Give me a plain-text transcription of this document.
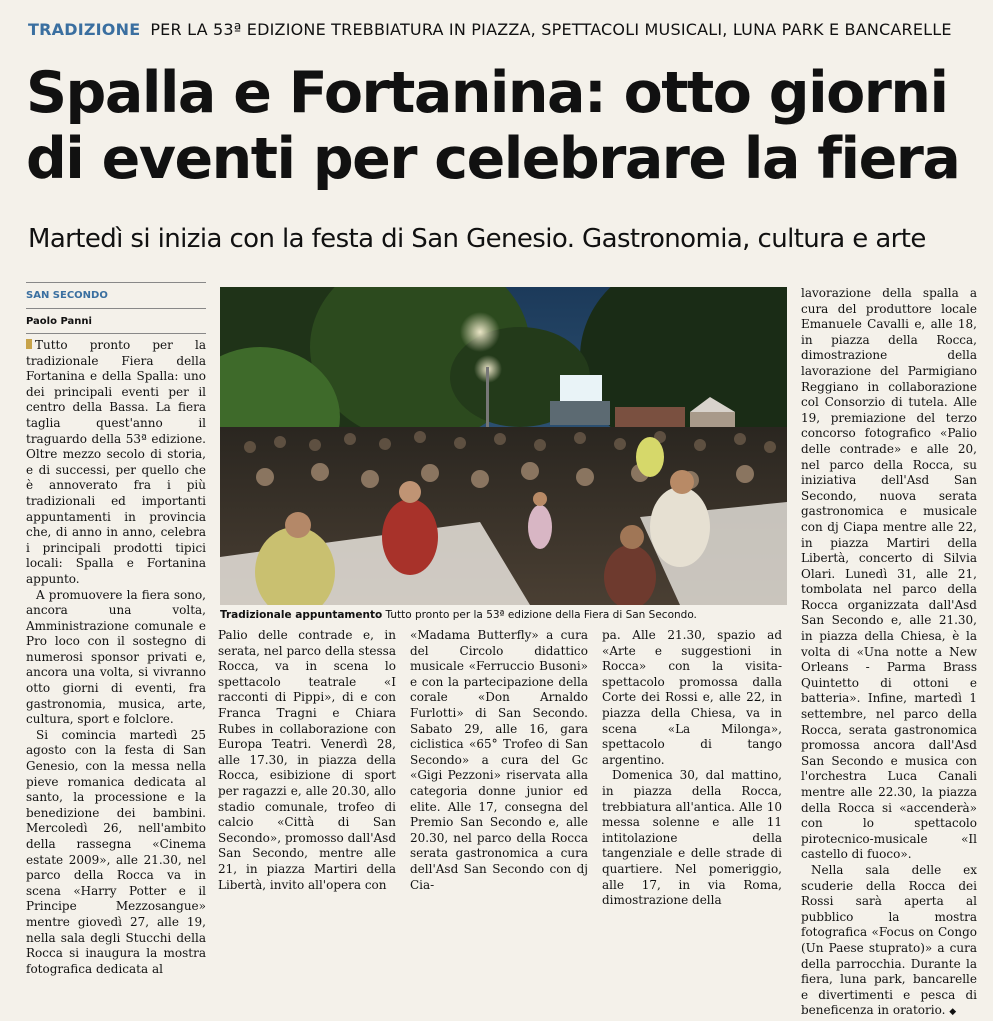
TRADIZIONE PER LA 53ª EDIZIONE TREBBIATURA IN PIAZZA, SPETTACOLI MUSICALI, LUNA PARK E BANCARELLE
Spalla e Fortanina: otto giorni di eventi per celebrare la fiera
Martedì si inizia con la festa di San Genesio. Gastronomia, cultura e arte
SAN SECONDO
Paolo Panni

Tutto pronto per la tradizionale Fiera della Fortanina e della Spalla: uno dei principali eventi per il centro della Bassa. La fiera taglia quest'anno il traguardo della 53ª edizione. Oltre mezzo secolo di storia, e di successi, per quello che è annoverato fra i più tradizionali ed importanti appuntamenti in provincia che, di anno in anno, celebra i principali prodotti tipici locali: Spalla e Fortanina appunto.

A promuovere la fiera sono, ancora una volta, Amministrazione comunale e Pro loco con il sostegno di numerosi sponsor privati e, ancora una volta, si vivranno otto giorni di eventi, fra gastronomia, musica, arte, cultura, sport e folclore.

Si comincia martedì 25 agosto con la festa di San Genesio, con la messa nella pieve romanica dedicata al santo, la processione e la benedizione dei bambini. Mercoledì 26, nell'ambito della rassegna «Cinema estate 2009», alle 21.30, nel parco della Rocca va in scena «Harry Potter e il Principe Mezzosangue» mentre giovedì 27, alle 19, nella sala degli Stucchi della Rocca si inaugura la mostra fotografica dedicata al

Tradizionale appuntamento Tutto pronto per la 53ª edizione della Fiera di San Secondo.

Palio delle contrade e, in serata, nel parco della stessa Rocca, va in scena lo spettacolo teatrale «I racconti di Pippi», di e con Franca Tragni e Chiara Rubes in collaborazione con Europa Teatri. Venerdì 28, alle 17.30, in piazza della Rocca, esibizione di sport per ragazzi e, alle 20.30, allo stadio comunale, trofeo di calcio «Città di San Secondo», promosso dall'Asd San Secondo, mentre alle 21, in piazza Martiri della Libertà, invito all'opera con

«Madama Butterfly» a cura del Circolo didattico musicale «Ferruccio Busoni» e con la partecipazione della corale «Don Arnaldo Furlotti» di San Secondo. Sabato 29, alle 16, gara ciclistica «65° Trofeo di San Secondo» a cura del Gc «Gigi Pezzoni» riservata alla categoria donne junior ed elite. Alle 17, consegna del Premio San Secondo e, alle 20.30, nel parco della Rocca serata gastronomica a cura dell'Asd San Secondo con dj Cia-

pa. Alle 21.30, spazio ad «Arte e suggestioni in Rocca» con la visita-spettacolo promossa dalla Corte dei Rossi e, alle 22, in piazza della Chiesa, va in scena «La Milonga», spettacolo di tango argentino.

Domenica 30, dal mattino, in piazza della Rocca, trebbiatura all'antica. Alle 10 messa solenne e alle 11 intitolazione della tangenziale e delle strade di quartiere. Nel pomeriggio, alle 17, in via Roma, dimostrazione della

lavorazione della spalla a cura del produttore locale Emanuele Cavalli e, alle 18, in piazza della Rocca, dimostrazione della lavorazione del Parmigiano Reggiano in collaborazione col Consorzio di tutela. Alle 19, premiazione del terzo concorso fotografico «Palio delle contrade» e alle 20, nel parco della Rocca, su iniziativa dell'Asd San Secondo, nuova serata gastronomica e musicale con dj Ciapa mentre alle 22, in piazza Martiri della Libertà, concerto di Silvia Olari. Lunedì 31, alle 21, tombolata nel parco della Rocca organizzata dall'Asd San Secondo e, alle 21.30, in piazza della Chiesa, è la volta di «Una notte a New Orleans - Parma Brass Quintetto di ottoni e batteria». Infine, martedì 1 settembre, nel parco della Rocca, serata gastronomica promossa ancora dall'Asd San Secondo e musica con l'orchestra Luca Canali mentre alle 22.30, la piazza della Rocca si «accenderà» con lo spettacolo pirotecnico-musicale «Il castello di fuoco».

Nella sala delle ex scuderie della Rocca dei Rossi sarà aperta al pubblico la mostra fotografica «Focus on Congo (Un Paese stuprato)» a cura della parrocchia. Durante la fiera, luna park, bancarelle e divertimenti e pesca di beneficenza in oratorio. ◆
